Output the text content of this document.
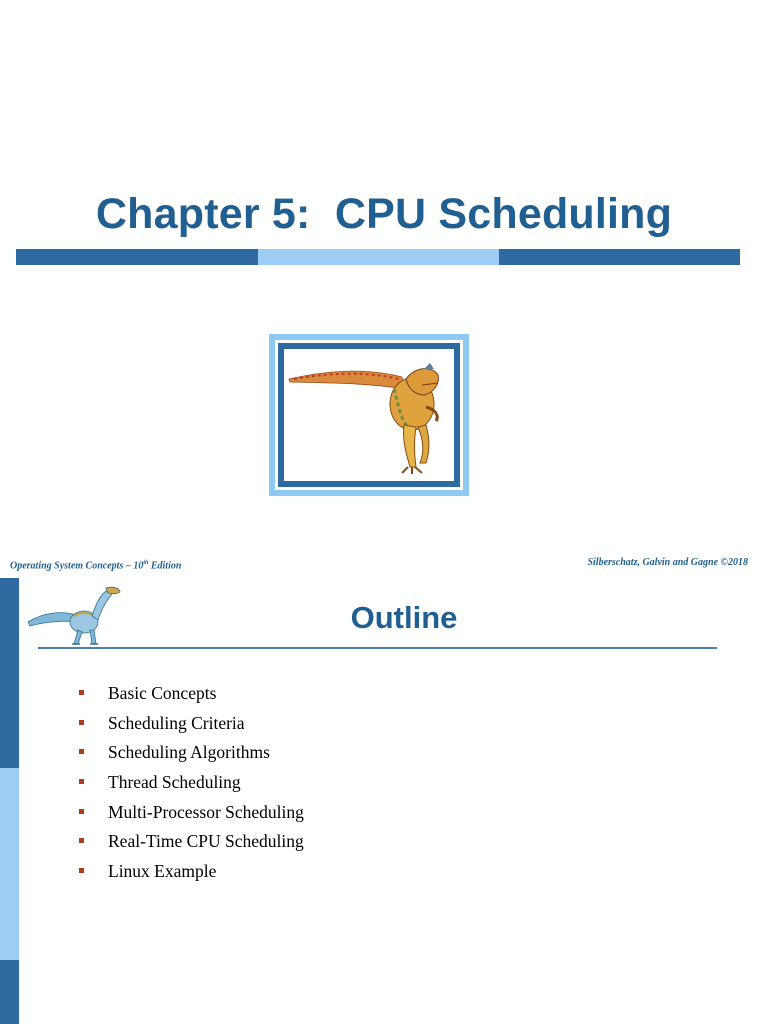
Chapter 5:  CPU Scheduling
Operating System Concepts – 10th Edition	Silberschatz, Galvin and Gagne ©2018
Outline
Basic Concepts
Scheduling Criteria
Scheduling Algorithms
Thread Scheduling
Multi-Processor Scheduling
Real-Time CPU Scheduling
Linux Example
